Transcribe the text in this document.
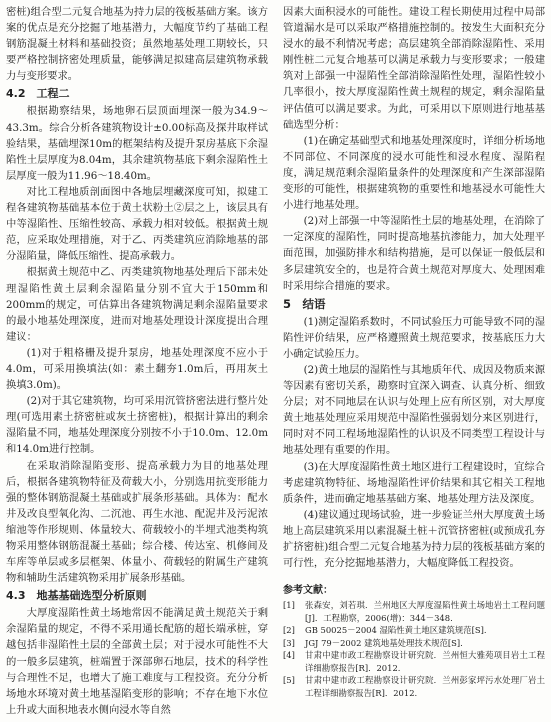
密桩)组合型二元复合地基为持力层的筏板基础方案。该方案的优点是充分挖掘了地基潜力，大幅度节约了基础工程钢筋混凝土材料和基础投资；虽然地基处理工期较长，只要严格控制挤密处理质量，能够满足拟建高层建筑物承载力与变形要求。

4.2　工程二

根据勘察结果，场地卵石层顶面埋深一般为34.9～43.3m。综合分析各建筑物设计±0.00标高及探井取样试验结果，基础埋深10m的框架结构及提升泵房基底下余湿陷性土层厚度为8.04m，其余建筑物基底下剩余湿陷性土层厚度一般为11.96～18.40m。

对比工程地质剖面图中各地层埋藏深度可知，拟建工程各建筑物基础基本位于黄土状粉土②层之上，该层具有中等湿陷性、压缩性较高、承载力相对较低。根据黄土规范，应采取处理措施，对于乙、丙类建筑应消除地基的部分湿陷量，降低压缩性、提高承载力。

根据黄土规范中乙、丙类建筑物地基处理后下部未处理湿陷性黄土层剩余湿陷量分别不宜大于150mm和200mm的规定，可估算出各建筑物满足剩余湿陷量要求的最小地基处理深度，进而对地基处理设计深度提出合理建议：

(1)对于粗格栅及提升泵房，地基处理深度不应小于4.0m，可采用换填法(如：素土翻夯1.0m后，再用灰土换填3.0m)。

(2)对于其它建筑物，均可采用沉管挤密法进行整片处理(可选用素土挤密桩或灰土挤密桩)，根据计算出的剩余湿陷量不同，地基处理深度分别按不小于10.0m、12.0m和14.0m进行控制。

在采取消除湿陷变形、提高承载力为目的地基处理后，根据各建筑物特征及荷载大小，分别选用抗变形能力强的整体钢筋混凝土基础或扩展条形基础。具体为：配水井及改良型氧化沟、二沉池、再生水池、配泥井及污泥浓缩池等作形规则、体量较大、荷载较小的半埋式池类构筑物采用整体钢筋混凝土基础；综合楼、传达室、机修间及车库等单层或多层框架、体量小、荷载轻的附属生产建筑物和辅助生活建筑物采用扩展条形基础。

4.3　地基基础选型分析原则

大厚度湿陷性黄土场地常因不能满足黄土规范关于剩余湿陷量的规定，不得不采用通长配筋的超长端承桩，穿越包括非湿陷性土层的全部黄土层；对于浸水可能性不大的一般多层建筑，桩端置于深部卵石地层，技术的科学性与合理性不足，也增大了施工难度与工程投资。充分分析场地水环境对黄土地基湿陷变形的影响；不存在地下水位上升或大面积地表水侧向浸水等自然

因素大面积浸水的可能性。建设工程长期使用过程中局部管道漏水是可以采取严格措施控制的。按发生大面积充分浸水的最不利情况考虑；高层建筑全部消除湿陷性、采用刚性桩二元复合地基可以满足承载力与变形要求；一般建筑对上部强一中湿陷性全部消除湿陷性处理，湿陷性较小几率很小，按大厚度湿陷性黄土规程的规定，剩余湿陷量评估值可以满足要求。为此，可采用以下原则进行地基基础选型分析：

(1)在确定基础型式和地基处理深度时，详细分析场地不同部位、不同深度的浸水可能性和浸水程度、湿陷程度，满足规范剩余湿陷量条件的处理深度和产生深部湿陷变形的可能性，根据建筑物的重要性和地基浸水可能性大小进行地基处理。

(2)对上部强一中等湿陷性土层的地基处理，在消除了一定深度的湿陷性，同时提高地基抗渗能力，加大处理平面范围，加强防排水和结构措施，是可以保证一般低层和多层建筑安全的，也是符合黄土规范对厚度大、处理困难时采用综合措施的要求。

5　结语

(1)测定湿陷系数时，不同试验压力可能导致不同的湿陷性评价结果，应严格遵照黄土规范要求，按基底压力大小确定试验压力。

(2)黄土地层的湿陷性与其地质年代、成因及物质来源等因素有密切关系，勘察时宜深入调查、认真分析、细致分层；对不同地层在认识与处理上应有所区别，对大厚度黄土地基处理应采用规范中湿陷性强弱划分来区别进行，同时对不同工程场地湿陷性的认识及不同类型工程设计与地基处理有重要的作用。

(3)在大厚度湿陷性黄土地区进行工程建设时，宜综合考虑建筑物特征、场地湿陷性评价结果和其它相关工程地质条件，进而确定地基基础方案、地基处理方法及深度。

(4)建议通过现场试验，进一步验证兰州大厚度黄土场地上高层建筑采用以素混凝土桩＋沉管挤密桩(或预成孔夯扩挤密桩)组合型二元复合地基为持力层的筏板基础方案的可行性，充分挖掘地基潜力，大幅度降低工程投资。

参考文献：
[1]	张森安，刘若琪．兰州地区大厚度湿陷性黄土场地岩土工程问题[J]．工程勘察，2006(增)：344－348.
[2]	GB 50025－2004 湿陷性黄土地区建筑规范[S].
[3]	JGJ 79－2002 建筑地基处理技术规范[S].
[4]	甘肃中建市政工程勘察设计研究院．兰州恒大雅苑项目岩土工程详细勘察报告[R]．2012.
[5]	甘肃中建市政工程勘察设计研究院．兰州彭家坪污水处理厂岩土工程详细勘察报告[R]．2012.
